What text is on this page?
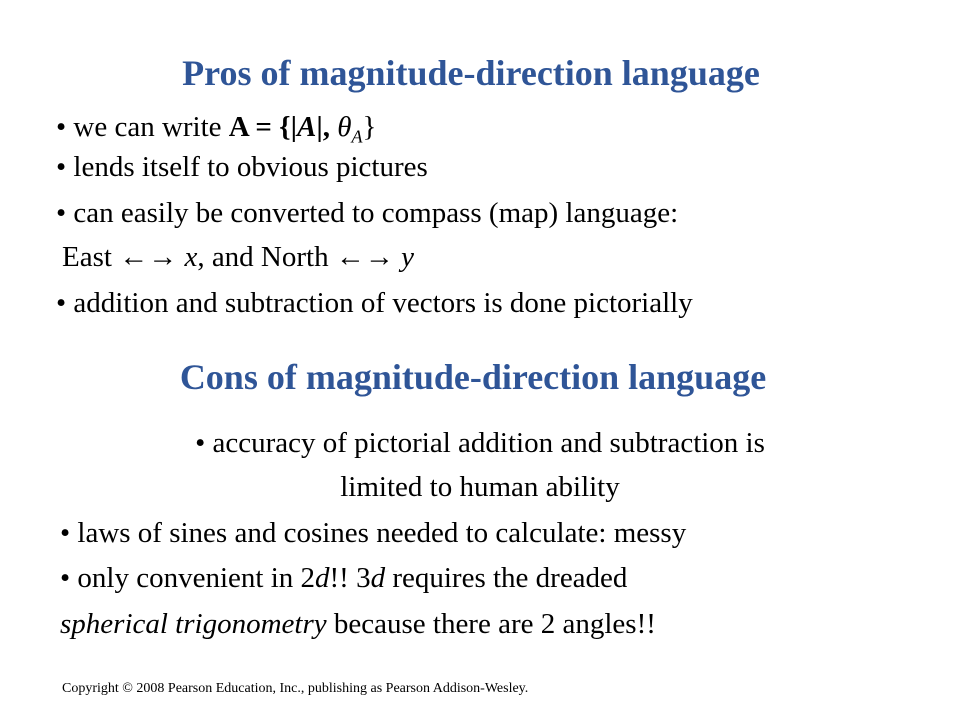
Pros of magnitude-direction language
• we can write A = {|A|, $\theta_A$}
• lends itself to obvious pictures
• can easily be converted to compass (map) language:
East ←→ x, and North ←→ y
• addition and subtraction of vectors is done pictorially
Cons of magnitude-direction language
• accuracy of pictorial addition and subtraction is
limited to human ability
• laws of sines and cosines needed to calculate: messy
• only convenient in 2d!! 3d requires the dreaded
spherical trigonometry because there are 2 angles!!
Copyright © 2008 Pearson Education, Inc., publishing as Pearson Addison-Wesley.
